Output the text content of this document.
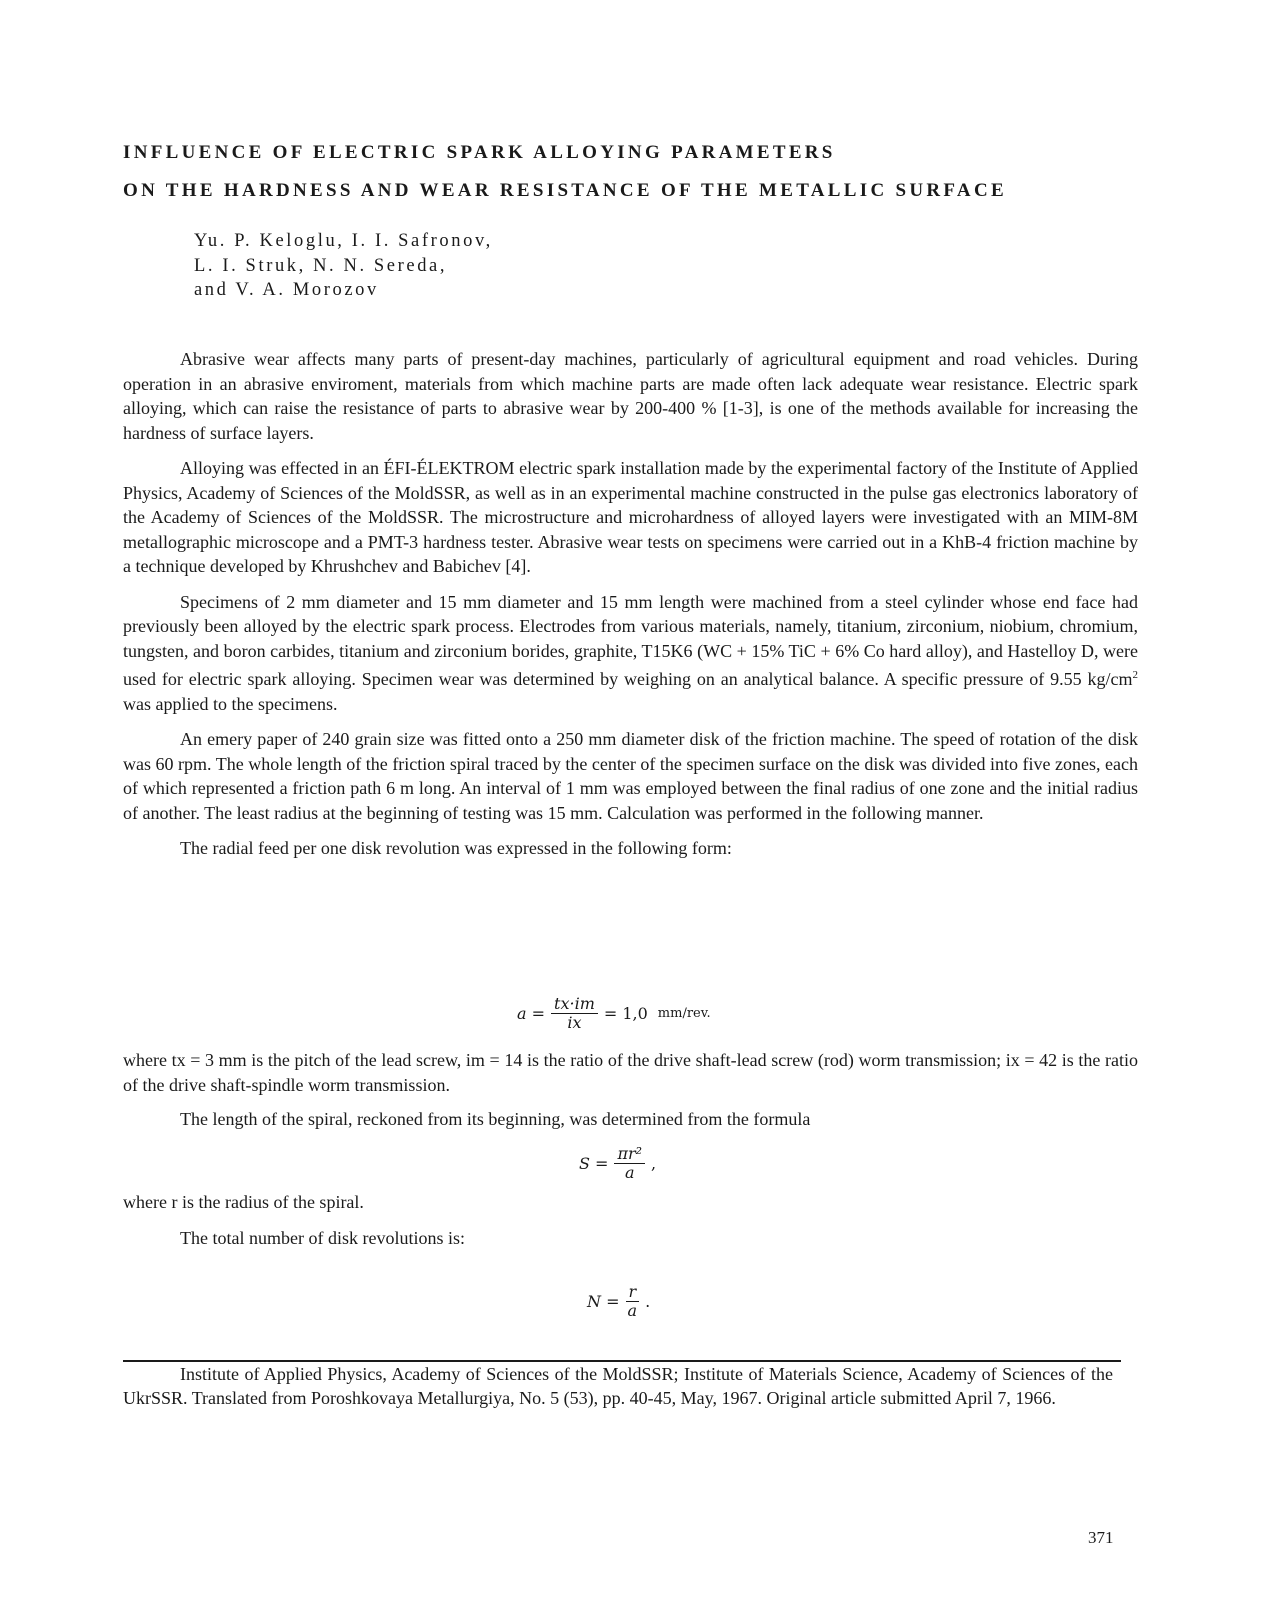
INFLUENCE OF ELECTRIC SPARK ALLOYING PARAMETERS
ON THE HARDNESS AND WEAR RESISTANCE OF THE METALLIC SURFACE
Yu. P. Keloglu, I. I. Safronov,
L. I. Struk, N. N. Sereda,
and V. A. Morozov

Abrasive wear affects many parts of present-day machines, particularly of agricultural equipment and road vehicles. During operation in an abrasive enviroment, materials from which machine parts are made often lack adequate wear resistance. Electric spark alloying, which can raise the resistance of parts to abrasive wear by 200-400 % [1-3], is one of the methods available for increasing the hardness of surface layers.

Alloying was effected in an ÉFI-ÉLEKTROM electric spark installation made by the experimental factory of the Institute of Applied Physics, Academy of Sciences of the MoldSSR, as well as in an experimental machine constructed in the pulse gas electronics laboratory of the Academy of Sciences of the MoldSSR. The microstructure and microhardness of alloyed layers were investigated with an MIM-8M metallographic microscope and a PMT-3 hardness tester. Abrasive wear tests on specimens were carried out in a KhB-4 friction machine by a technique developed by Khrushchev and Babichev [4].

Specimens of 2 mm diameter and 15 mm diameter and 15 mm length were machined from a steel cylinder whose end face had previously been alloyed by the electric spark process. Electrodes from various materials, namely, titanium, zirconium, niobium, chromium, tungsten, and boron carbides, titanium and zirconium borides, graphite, T15K6 (WC + 15% TiC + 6% Co hard alloy), and Hastelloy D, were used for electric spark alloying. Specimen wear was determined by weighing on an analytical balance. A specific pressure of 9.55 $kg/cm^2$ was applied to the specimens.

An emery paper of 240 grain size was fitted onto a 250 mm diameter disk of the friction machine. The speed of rotation of the disk was 60 rpm. The whole length of the friction spiral traced by the center of the specimen surface on the disk was divided into five zones, each of which represented a friction path 6 m long. An interval of 1 mm was employed between the final radius of one zone and the initial radius of another. The least radius at the beginning of testing was 15 mm. Calculation was performed in the following manner.

The radial feed per one disk revolution was expressed in the following form:

$a = \frac{tx\cdot im}{ix} = 1,0$ mm/rev.

where tx = 3 mm is the pitch of the lead screw, im = 14 is the ratio of the drive shaft-lead screw (rod) worm transmission; ix = 42 is the ratio of the drive shaft-spindle worm transmission.

The length of the spiral, reckoned from its beginning, was determined from the formula

$S = \frac{\text{πr²}}{a}$ ,

where r is the radius of the spiral.

The total number of disk revolutions is:

$N = \frac{r}{a}$ .

Institute of Applied Physics, Academy of Sciences of the MoldSSR; Institute of Materials Science, Academy of Sciences of the UkrSSR. Translated from Poroshkovaya Metallurgiya, No. 5 (53), pp. 40-45, May, 1967. Original article submitted April 7, 1966.

371
